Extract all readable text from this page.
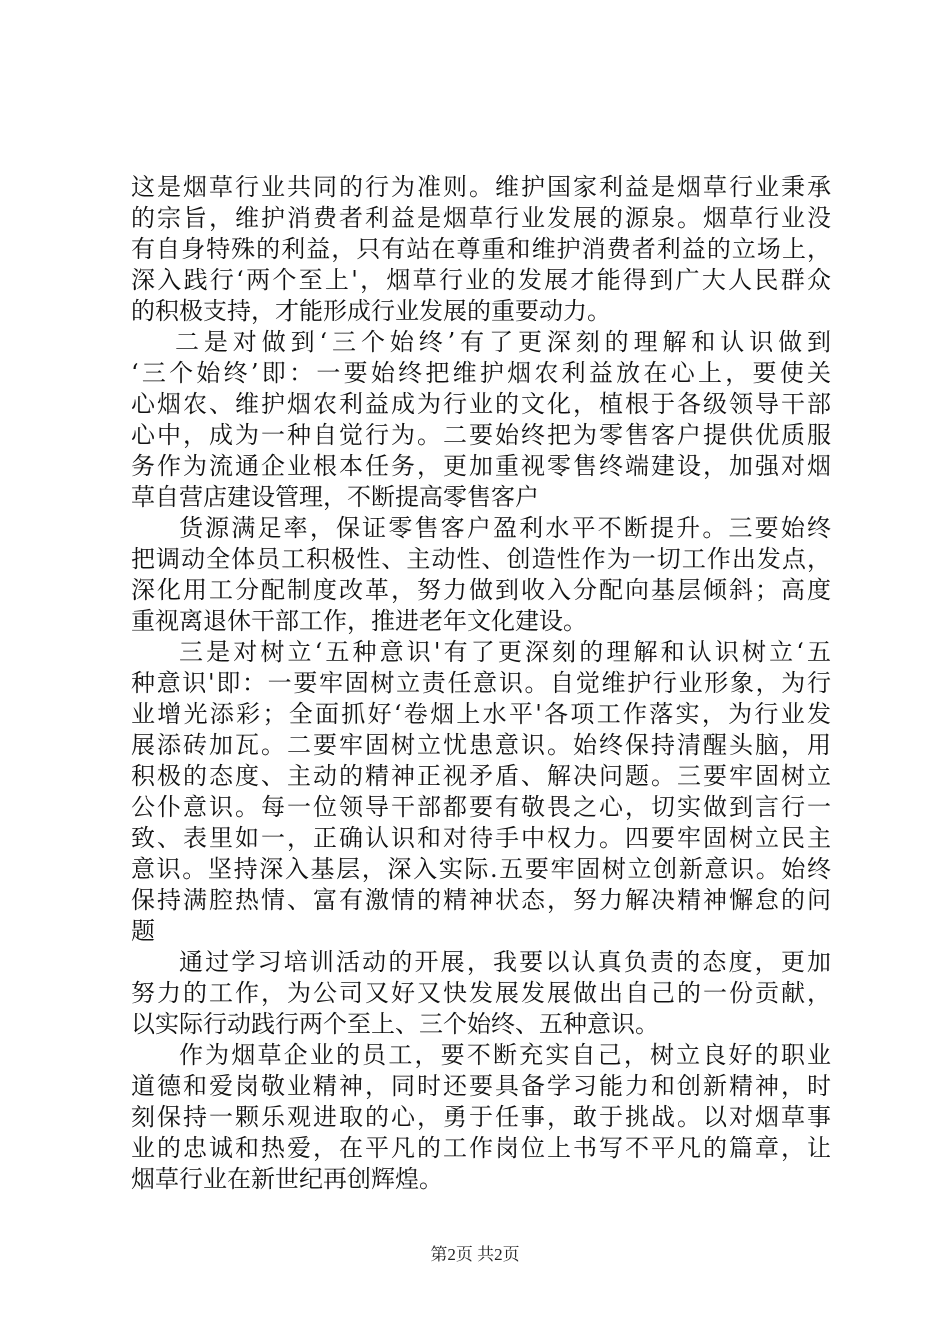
这是烟草行业共同的行为准则。维护国家利益是烟草行业秉承
的宗旨，维护消费者利益是烟草行业发展的源泉。烟草行业没
有自身特殊的利益，只有站在尊重和维护消费者利益的立场上，
深入践行‘两个至上'，烟草行业的发展才能得到广大人民群众
的积极支持，才能形成行业发展的重要动力。
二是对做到‘三个始终’有了更深刻的理解和认识做到
‘三个始终’即：一要始终把维护烟农利益放在心上，要使关
心烟农、维护烟农利益成为行业的文化，植根于各级领导干部
心中，成为一种自觉行为。二要始终把为零售客户提供优质服
务作为流通企业根本任务，更加重视零售终端建设，加强对烟
草自营店建设管理，不断提高零售客户
货源满足率，保证零售客户盈利水平不断提升。三要始终
把调动全体员工积极性、主动性、创造性作为一切工作出发点，
深化用工分配制度改革，努力做到收入分配向基层倾斜；高度
重视离退休干部工作，推进老年文化建设。
三是对树立‘五种意识'有了更深刻的理解和认识树立‘五
种意识'即：一要牢固树立责任意识。自觉维护行业形象，为行
业增光添彩；全面抓好‘卷烟上水平'各项工作落实，为行业发
展添砖加瓦。二要牢固树立忧患意识。始终保持清醒头脑，用
积极的态度、主动的精神正视矛盾、解决问题。三要牢固树立
公仆意识。每一位领导干部都要有敬畏之心，切实做到言行一
致、表里如一，正确认识和对待手中权力。四要牢固树立民主
意识。坚持深入基层，深入实际.五要牢固树立创新意识。始终
保持满腔热情、富有激情的精神状态，努力解决精神懈怠的问
题
通过学习培训活动的开展，我要以认真负责的态度，更加
努力的工作，为公司又好又快发展发展做出自己的一份贡献，
以实际行动践行两个至上、三个始终、五种意识。
作为烟草企业的员工，要不断充实自己，树立良好的职业
道德和爱岗敬业精神，同时还要具备学习能力和创新精神，时
刻保持一颗乐观进取的心，勇于任事，敢于挑战。以对烟草事
业的忠诚和热爱，在平凡的工作岗位上书写不平凡的篇章，让
烟草行业在新世纪再创辉煌。
第2页 共2页
